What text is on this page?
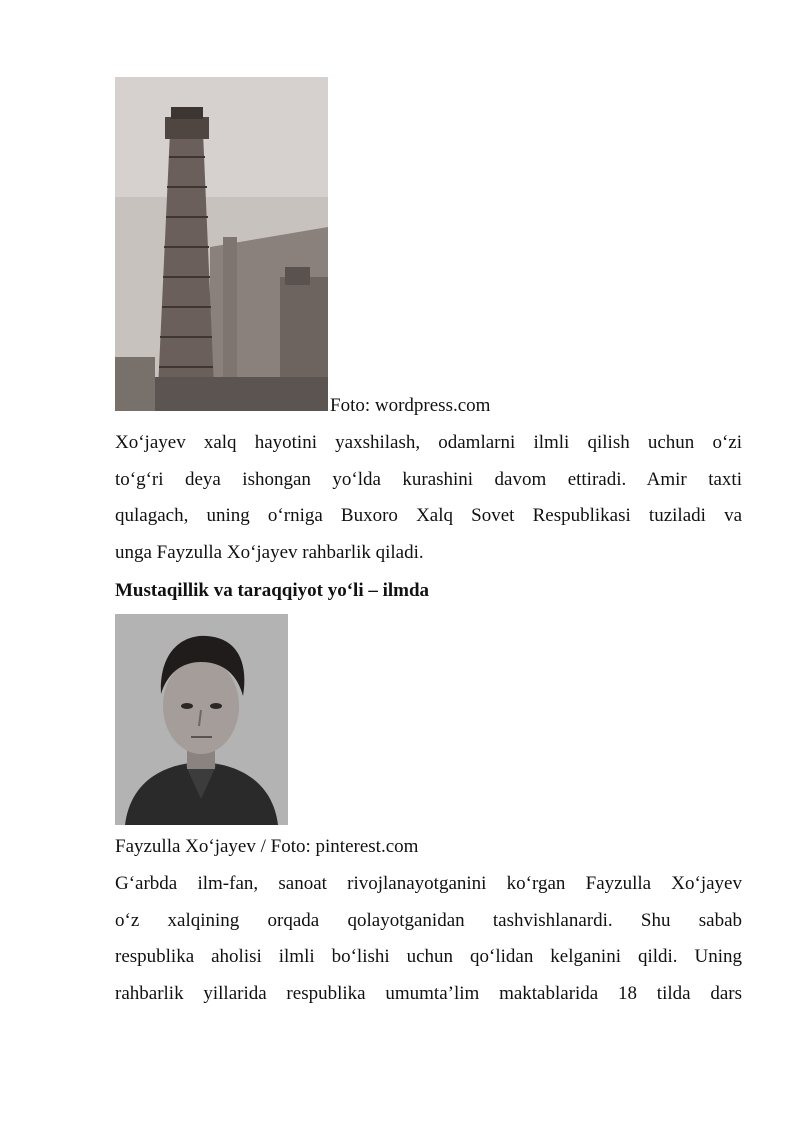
Foto: wordpress.com
Xo‘jayev xalq hayotini yaxshilash, odamlarni ilmli qilish uchun o‘zi
to‘g‘ri deya ishongan yo‘lda kurashini davom ettiradi. Amir taxti
qulagach, uning o‘rniga Buxoro Xalq Sovet Respublikasi tuziladi va
unga Fayzulla Xo‘jayev rahbarlik qiladi.
Mustaqillik va taraqqiyot yo‘li – ilmda
Fayzulla Xo‘jayev / Foto: pinterest.com
G‘arbda ilm-fan, sanoat rivojlanayotganini ko‘rgan Fayzulla Xo‘jayev
o‘z xalqining orqada qolayotganidan tashvishlanardi. Shu sabab
respublika aholisi ilmli bo‘lishi uchun qo‘lidan kelganini qildi. Uning
rahbarlik yillarida respublika umumta’lim maktablarida 18 tilda dars
